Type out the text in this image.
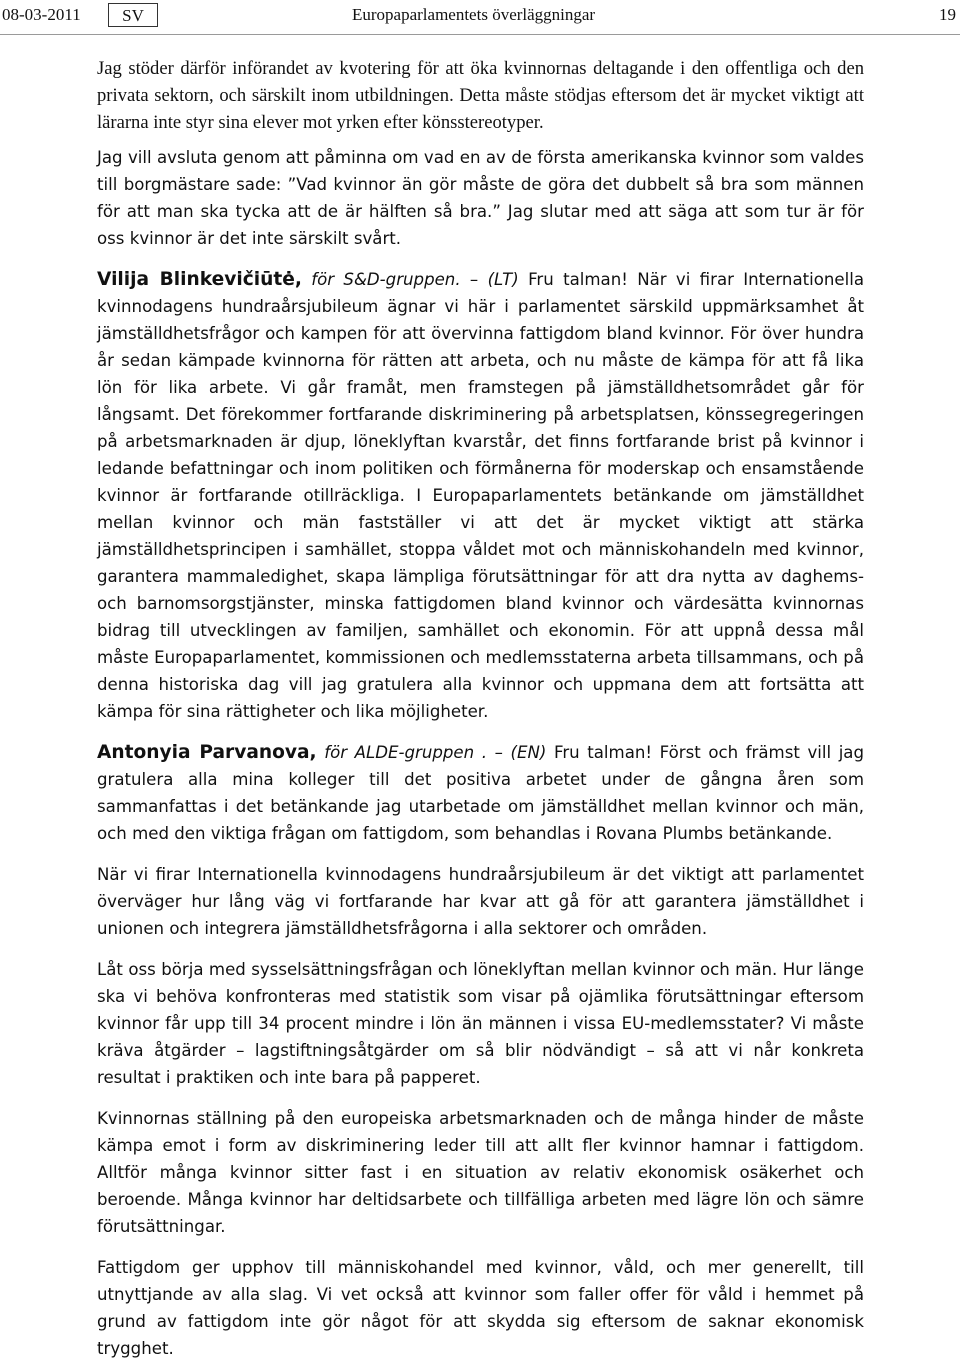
08-03-2011	SV	Europaparlamentets överläggningar	19

Jag stöder därför införandet av kvotering för att öka kvinnornas deltagande i den offentliga och den privata sektorn, och särskilt inom utbildningen. Detta måste stödjas eftersom det är mycket viktigt att lärarna inte styr sina elever mot yrken efter könsstereotyper.

Jag vill avsluta genom att påminna om vad en av de första amerikanska kvinnor som valdes till borgmästare sade: ”Vad kvinnor än gör måste de göra det dubbelt så bra som männen för att man ska tycka att de är hälften så bra.” Jag slutar med att säga att som tur är för oss kvinnor är det inte särskilt svårt.

Vilija Blinkevičiūtė, för S&D-gruppen. – (LT) Fru talman! När vi firar Internationella kvinnodagens hundraårsjubileum ägnar vi här i parlamentet särskild uppmärksamhet åt jämställdhetsfrågor och kampen för att övervinna fattigdom bland kvinnor. För över hundra år sedan kämpade kvinnorna för rätten att arbeta, och nu måste de kämpa för att få lika lön för lika arbete. Vi går framåt, men framstegen på jämställdhetsområdet går för långsamt. Det förekommer fortfarande diskriminering på arbetsplatsen, könssegregeringen på arbetsmarknaden är djup, löneklyftan kvarstår, det finns fortfarande brist på kvinnor i ledande befattningar och inom politiken och förmånerna för moderskap och ensamstående kvinnor är fortfarande otillräckliga. I Europaparlamentets betänkande om jämställdhet mellan kvinnor och män fastställer vi att det är mycket viktigt att stärka jämställdhetsprincipen i samhället, stoppa våldet mot och människohandeln med kvinnor, garantera mammaledighet, skapa lämpliga förutsättningar för att dra nytta av daghems- och barnomsorgstjänster, minska fattigdomen bland kvinnor och värdesätta kvinnornas bidrag till utvecklingen av familjen, samhället och ekonomin. För att uppnå dessa mål måste Europaparlamentet, kommissionen och medlemsstaterna arbeta tillsammans, och på denna historiska dag vill jag gratulera alla kvinnor och uppmana dem att fortsätta att kämpa för sina rättigheter och lika möjligheter.

Antonyia Parvanova, för ALDE-gruppen . – (EN) Fru talman! Först och främst vill jag gratulera alla mina kolleger till det positiva arbetet under de gångna åren som sammanfattas i det betänkande jag utarbetade om jämställdhet mellan kvinnor och män, och med den viktiga frågan om fattigdom, som behandlas i Rovana Plumbs betänkande.

När vi firar Internationella kvinnodagens hundraårsjubileum är det viktigt att parlamentet överväger hur lång väg vi fortfarande har kvar att gå för att garantera jämställdhet i unionen och integrera jämställdhetsfrågorna i alla sektorer och områden.

Låt oss börja med sysselsättningsfrågan och löneklyftan mellan kvinnor och män. Hur länge ska vi behöva konfronteras med statistik som visar på ojämlika förutsättningar eftersom kvinnor får upp till 34 procent mindre i lön än männen i vissa EU-medlemsstater? Vi måste kräva åtgärder – lagstiftningsåtgärder om så blir nödvändigt – så att vi når konkreta resultat i praktiken och inte bara på papperet.

Kvinnornas ställning på den europeiska arbetsmarknaden och de många hinder de måste kämpa emot i form av diskriminering leder till att allt fler kvinnor hamnar i fattigdom. Alltför många kvinnor sitter fast i en situation av relativ ekonomisk osäkerhet och beroende. Många kvinnor har deltidsarbete och tillfälliga arbeten med lägre lön och sämre förutsättningar.

Fattigdom ger upphov till människohandel med kvinnor, våld, och mer generellt, till utnyttjande av alla slag. Vi vet också att kvinnor som faller offer för våld i hemmet på grund av fattigdom inte gör något för att skydda sig eftersom de saknar ekonomisk trygghet.
